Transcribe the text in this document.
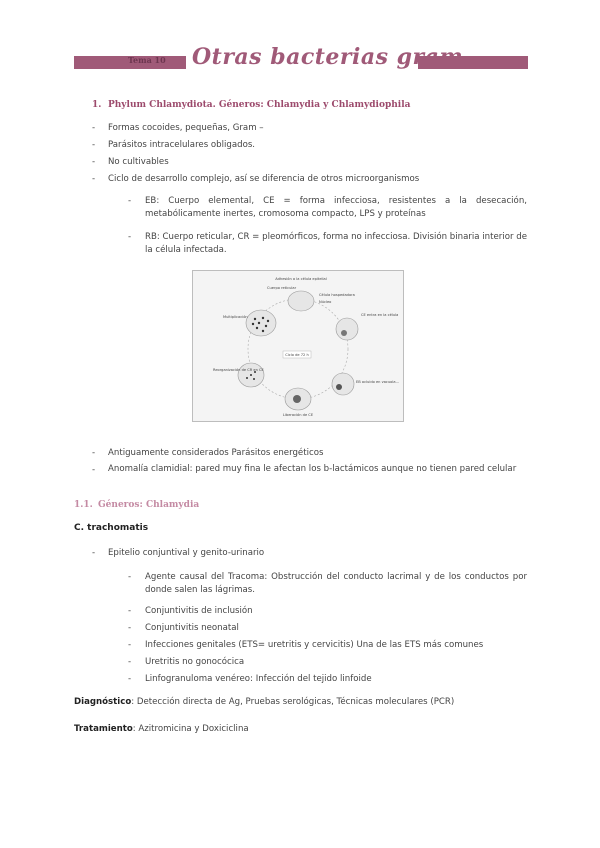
Tema 10 Otras bacterias gram -
1. Phylum Chlamydiota. Géneros: Chlamydia y Chlamydiophila
- Formas cocoides, pequeñas, Gram –
- Parásitos intracelulares obligados.
- No cultivables
- Ciclo de desarrollo complejo, así se diferencia de otros microorganismos
- EB: Cuerpo elemental, CE = forma infecciosa, resistentes a la desecación, metabólicamente inertes, cromosoma compacto, LPS y proteínas
- RB: Cuerpo reticular, CR = pleomórficos, forma no infecciosa. División binaria interior de la célula infectada.
Ciclo de 72 h
Adhesión a la célula epitelial
Célula hospedadora
Núcleo
CE entra en la célula
EB ocluido en vacuola...
Liberación de CE
Reorganización de CR en CE
Multiplicación
Cuerpo reticular
- Antiguamente considerados Parásitos energéticos
- Anomalía clamidial: pared muy fina le afectan los b-lactámicos aunque no tienen pared celular
1.1. Géneros: Chlamydia
C. trachomatis
- Epitelio conjuntival y genito-urinario
- Agente causal del Tracoma: Obstrucción del conducto lacrimal y de los conductos por donde salen las lágrimas.
- Conjuntivitis de inclusión
- Conjuntivitis neonatal
- Infecciones genitales (ETS= uretritis y cervicitis) Una de las ETS más comunes
- Uretritis no gonocócica
- Linfogranuloma venéreo: Infección del tejido linfoide
Diagnóstico: Detección directa de Ag, Pruebas serológicas, Técnicas moleculares (PCR)
Tratamiento: Azitromicina y Doxiciclina
